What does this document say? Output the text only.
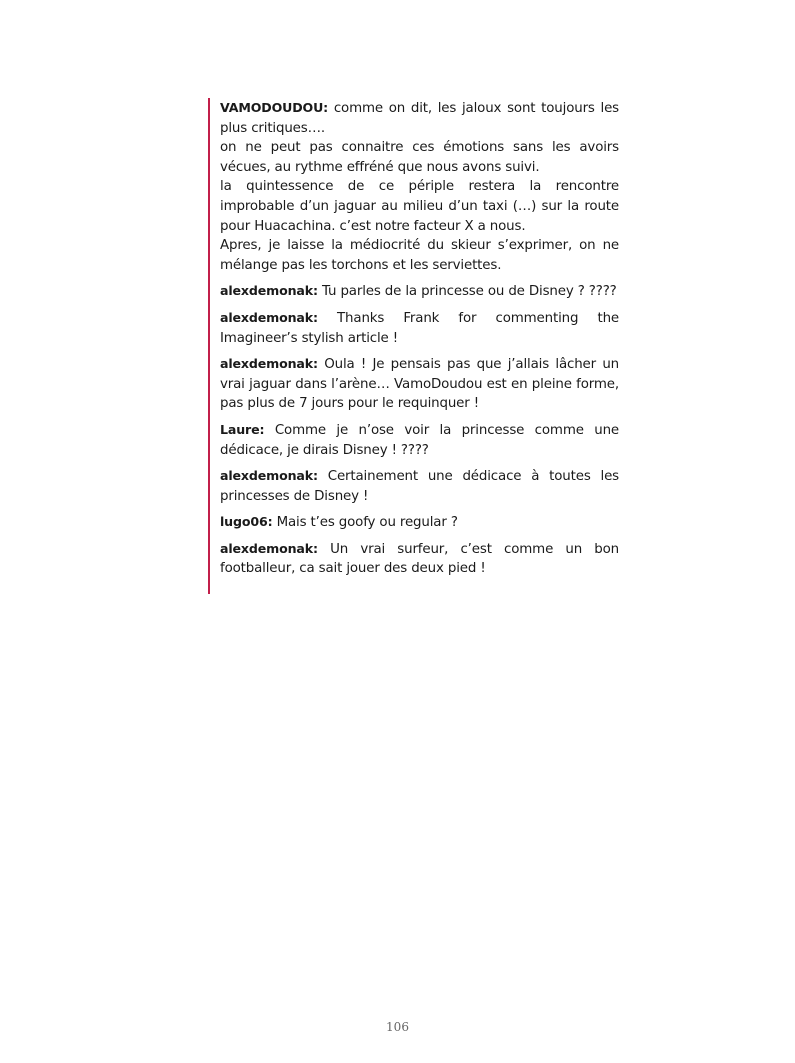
VAMODOUDOU: comme on dit, les jaloux sont toujours les plus critiques….

on ne peut pas connaitre ces émotions sans les avoirs vécues, au rythme effréné que nous avons suivi.

la quintessence de ce périple restera la rencontre improbable d’un jaguar au milieu d’un taxi (…) sur la route pour Huacachina. c’est notre facteur X a nous.

Apres, je laisse la médiocrité du skieur s’exprimer, on ne mélange pas les torchons et les serviettes.

alexdemonak: Tu parles de la princesse ou de Disney ? ????
alexdemonak: Thanks Frank for commenting the Imagineer’s stylish article !
alexdemonak: Oula ! Je pensais pas que j’allais lâcher un vrai jaguar dans l’arène… VamoDoudou est en pleine forme, pas plus de 7 jours pour le requinquer !
Laure: Comme je n’ose voir la princesse comme une dédicace, je dirais Disney ! ????
alexdemonak: Certainement une dédicace à toutes les princesses de Disney !
lugo06: Mais t’es goofy ou regular ?
alexdemonak: Un vrai surfeur, c’est comme un bon footballeur, ca sait jouer des deux pied !
106
